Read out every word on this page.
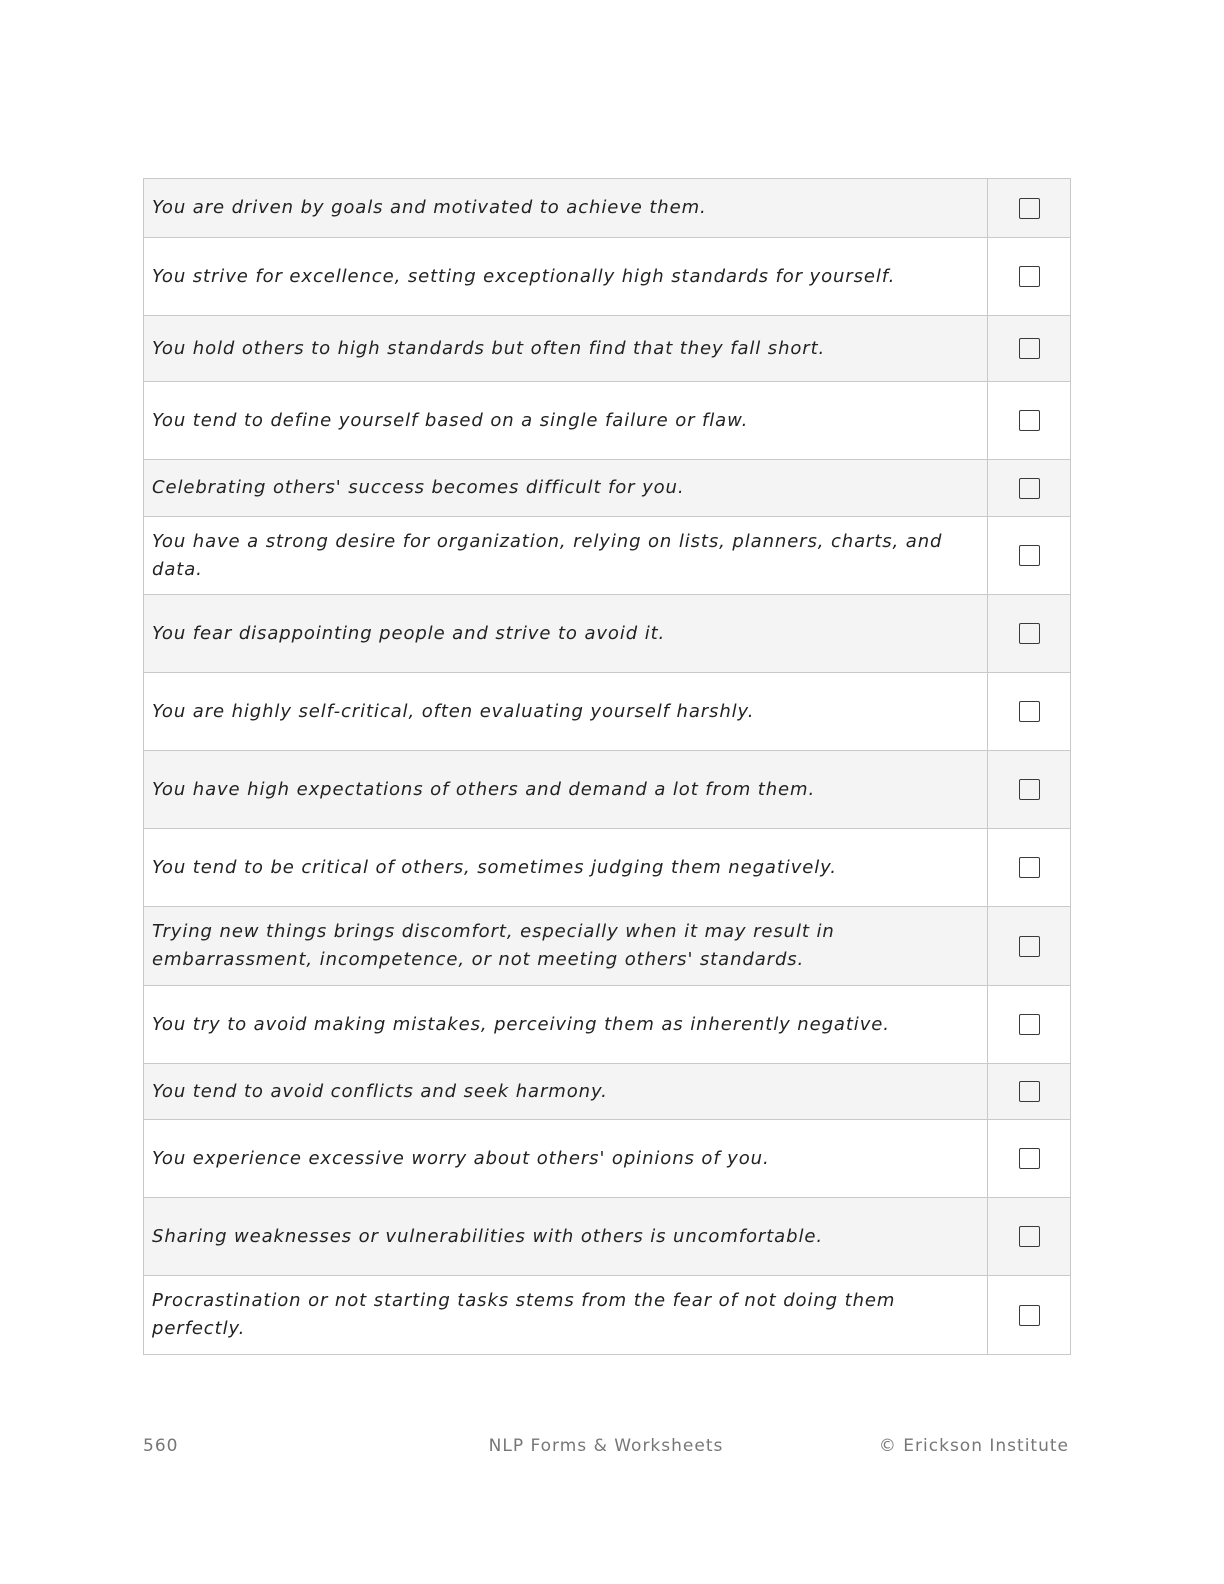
You are driven by goals and motivated to achieve them.
You strive for excellence, setting exceptionally high standards for yourself.
You hold others to high standards but often find that they fall short.
You tend to define yourself based on a single failure or flaw.
Celebrating others' success becomes difficult for you.
You have a strong desire for organization, relying on lists, planners, charts, and data.
You fear disappointing people and strive to avoid it.
You are highly self-critical, often evaluating yourself harshly.
You have high expectations of others and demand a lot from them.
You tend to be critical of others, sometimes judging them negatively.
Trying new things brings discomfort, especially when it may result in embarrassment, incompetence, or not meeting others' standards.
You try to avoid making mistakes, perceiving them as inherently negative.
You tend to avoid conflicts and seek harmony.
You experience excessive worry about others' opinions of you.
Sharing weaknesses or vulnerabilities with others is uncomfortable.
Procrastination or not starting tasks stems from the fear of not doing them perfectly.
560	NLP Forms & Worksheets	© Erickson Institute
